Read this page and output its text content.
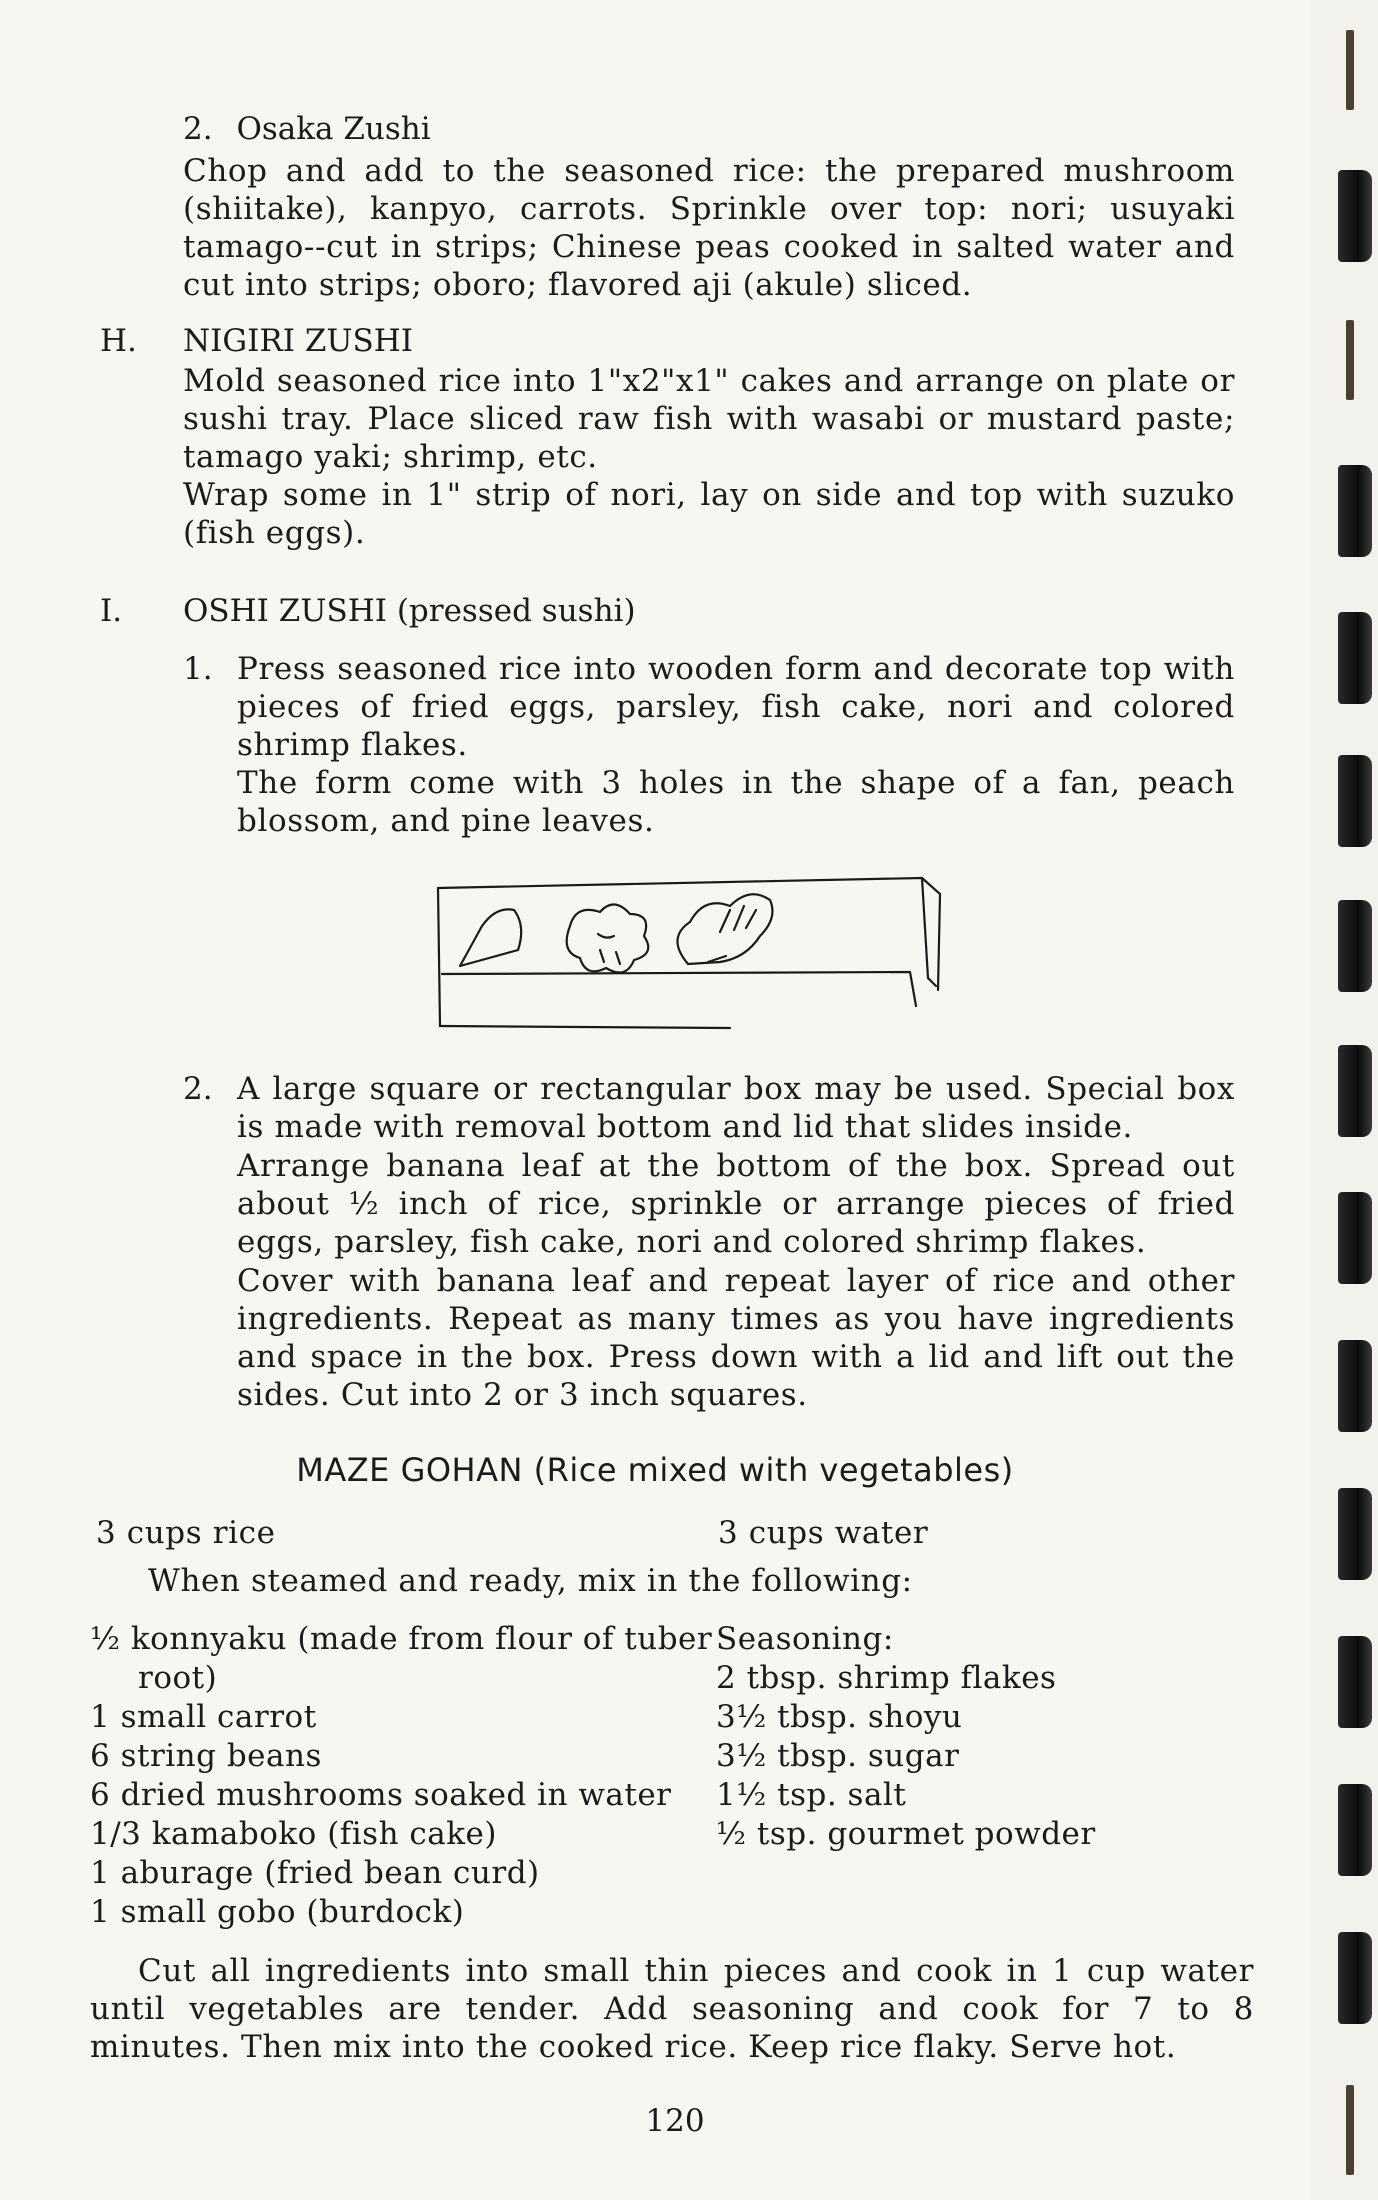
2. Osaka Zushi
Chop and add to the seasoned rice: the prepared mushroom (shiitake), kanpyo, carrots. Sprinkle over top: nori; usuyaki tamago--cut in strips; Chinese peas cooked in salted water and cut into strips; oboro; flavored aji (akule) sliced.
H. NIGIRI ZUSHI
Mold seasoned rice into 1"x2"x1" cakes and arrange on plate or sushi tray. Place sliced raw fish with wasabi or mustard paste; tamago yaki; shrimp, etc.
Wrap some in 1" strip of nori, lay on side and top with suzuko (fish eggs).
I. OSHI ZUSHI (pressed sushi)
1. Press seasoned rice into wooden form and decorate top with pieces of fried eggs, parsley, fish cake, nori and colored shrimp flakes.
The form come with 3 holes in the shape of a fan, peach blossom, and pine leaves.
2. A large square or rectangular box may be used. Special box is made with removal bottom and lid that slides inside.
Arrange banana leaf at the bottom of the box. Spread out about ½ inch of rice, sprinkle or arrange pieces of fried eggs, parsley, fish cake, nori and colored shrimp flakes.
Cover with banana leaf and repeat layer of rice and other ingredients. Repeat as many times as you have ingredients and space in the box. Press down with a lid and lift out the sides. Cut into 2 or 3 inch squares.
MAZE GOHAN (Rice mixed with vegetables)
3 cups rice	3 cups water
When steamed and ready, mix in the following:
½ konnyaku (made from flour of tuber
root)
1 small carrot
6 string beans
6 dried mushrooms soaked in water
1/3 kamaboko (fish cake)
1 aburage (fried bean curd)
1 small gobo (burdock)
Seasoning:
2 tbsp. shrimp flakes
3½ tbsp. shoyu
3½ tbsp. sugar
1½ tsp. salt
½ tsp. gourmet powder
Cut all ingredients into small thin pieces and cook in 1 cup water until vegetables are tender. Add seasoning and cook for 7 to 8 minutes. Then mix into the cooked rice. Keep rice flaky. Serve hot.
120
